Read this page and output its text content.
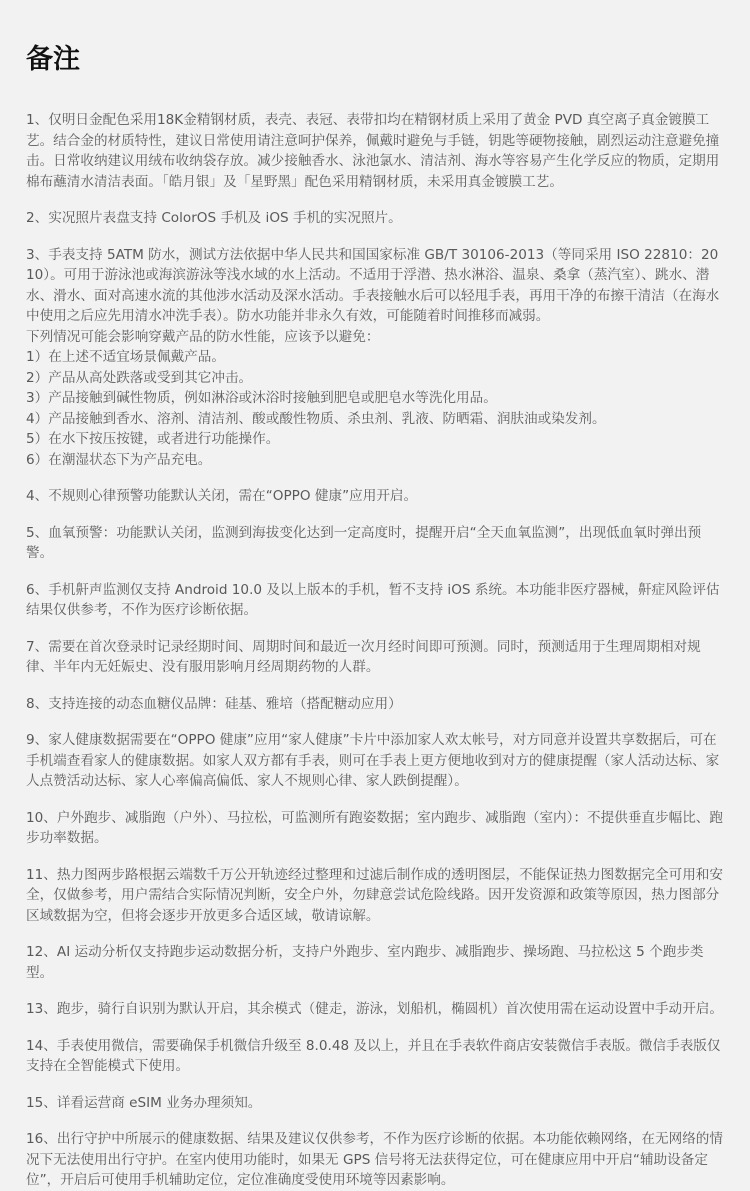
备注

1、仅明日金配色采用18K金精钢材质，表壳、表冠、表带扣均在精钢材质上采用了黄金 PVD 真空离子真金镀膜工艺。结合金的材质特性，建议日常使用请注意呵护保养，佩戴时避免与手链，钥匙等硬物接触，剧烈运动注意避免撞击。日常收纳建议用绒布收纳袋存放。减少接触香水、泳池氯水、清洁剂、海水等容易产生化学反应的物质，定期用棉布蘸清水清洁表面。「皓月银」及「星野黑」配色采用精钢材质，未采用真金镀膜工艺。

2、实况照片表盘支持 ColorOS 手机及 iOS 手机的实况照片。

3、手表支持 5ATM 防水，测试方法依据中华人民共和国国家标准 GB/T 30106-2013（等同采用 ISO 22810：2010）。可用于游泳池或海滨游泳等浅水域的水上活动。不适用于浮潜、热水淋浴、温泉、桑拿（蒸汽室）、跳水、潜水、滑水、面对高速水流的其他涉水活动及深水活动。手表接触水后可以轻甩手表，再用干净的布擦干清洁（在海水中使用之后应先用清水冲洗手表）。防水功能并非永久有效，可能随着时间推移而减弱。
下列情况可能会影响穿戴产品的防水性能，应该予以避免：
1）在上述不适宜场景佩戴产品。
2）产品从高处跌落或受到其它冲击。
3）产品接触到碱性物质，例如淋浴或沐浴时接触到肥皂或肥皂水等洗化用品。
4）产品接触到香水、溶剂、清洁剂、酸或酸性物质、杀虫剂、乳液、防晒霜、润肤油或染发剂。
5）在水下按压按键，或者进行功能操作。
6）在潮湿状态下为产品充电。

4、不规则心律预警功能默认关闭，需在“OPPO 健康”应用开启。

5、血氧预警：功能默认关闭，监测到海拔变化达到一定高度时，提醒开启“全天血氧监测”，出现低血氧时弹出预警。

6、手机鼾声监测仅支持 Android 10.0 及以上版本的手机，暂不支持 iOS 系统。本功能非医疗器械，鼾症风险评估结果仅供参考，不作为医疗诊断依据。

7、需要在首次登录时记录经期时间、周期时间和最近一次月经时间即可预测。同时，预测适用于生理周期相对规律、半年内无妊娠史、没有服用影响月经周期药物的人群。

8、支持连接的动态血糖仪品牌：硅基、雅培（搭配糖动应用）

9、家人健康数据需要在“OPPO 健康”应用“家人健康”卡片中添加家人欢太帐号，对方同意并设置共享数据后，可在手机端查看家人的健康数据。如家人双方都有手表，则可在手表上更方便地收到对方的健康提醒（家人活动达标、家人点赞活动达标、家人心率偏高偏低、家人不规则心律、家人跌倒提醒）。

10、户外跑步、减脂跑（户外）、马拉松，可监测所有跑姿数据；室内跑步、减脂跑（室内）：不提供垂直步幅比、跑步功率数据。

11、热力图两步路根据云端数千万公开轨迹经过整理和过滤后制作成的透明图层，不能保证热力图数据完全可用和安全，仅做参考，用户需结合实际情况判断，安全户外，勿肆意尝试危险线路。因开发资源和政策等原因，热力图部分区域数据为空，但将会逐步开放更多合适区域，敬请谅解。

12、AI 运动分析仅支持跑步运动数据分析，支持户外跑步、室内跑步、减脂跑步、操场跑、马拉松这 5 个跑步类型。

13、跑步，骑行自识别为默认开启，其余模式（健走，游泳，划船机，椭圆机）首次使用需在运动设置中手动开启。

14、手表使用微信，需要确保手机微信升级至 8.0.48 及以上，并且在手表软件商店安装微信手表版。微信手表版仅支持在全智能模式下使用。

15、详看运营商 eSIM 业务办理须知。

16、出行守护中所展示的健康数据、结果及建议仅供参考，不作为医疗诊断的依据。本功能依赖网络，在无网络的情况下无法使用出行守护。在室内使用功能时，如果无 GPS 信号将无法获得定位，可在健康应用中开启“辅助设备定位”，开启后可使用手机辅助定位，定位准确度受使用环境等因素影响。
